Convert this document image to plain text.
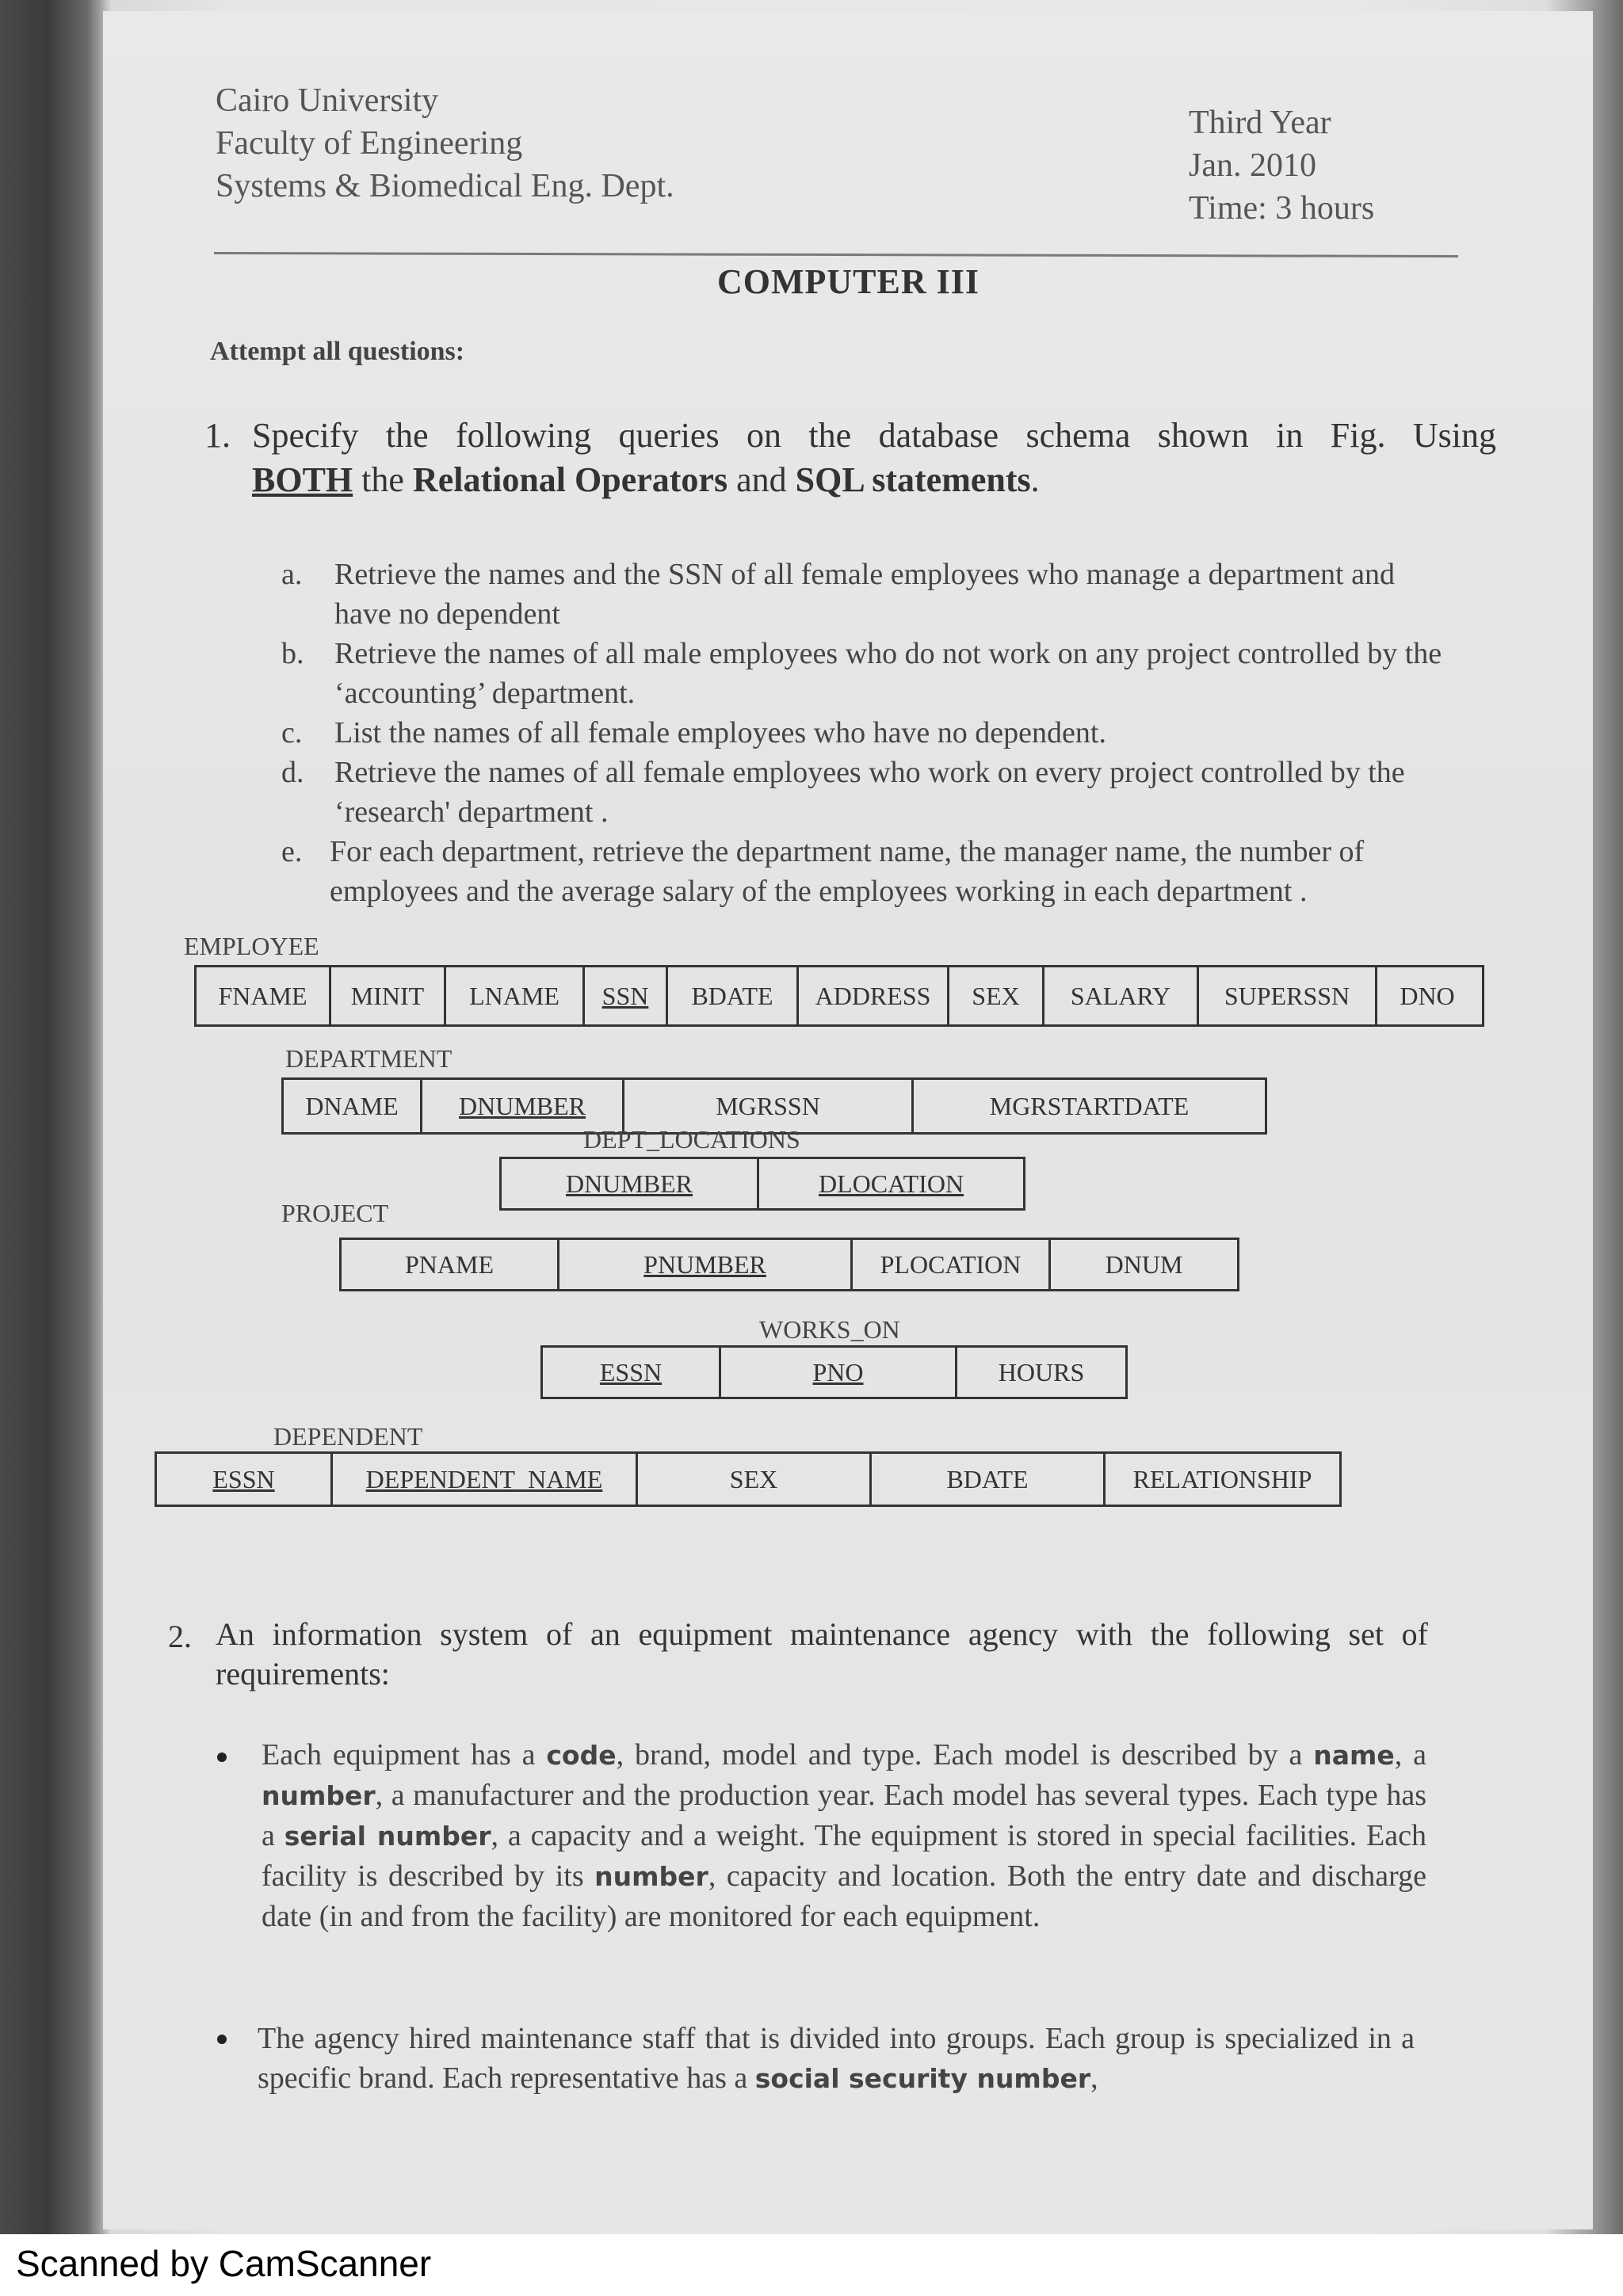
Cairo University
Faculty of Engineering
Systems & Biomedical Eng. Dept.
Third Year
Jan. 2010
Time: 3 hours
COMPUTER III
Attempt all questions:
1. Specify the following queries on the database schema shown in Fig. Using
BOTH the Relational Operators and SQL statements.
a. Retrieve the names and the SSN of all female employees who manage a department and have no dependent
b. Retrieve the names of all male employees who do not work on any project controlled by the ‘accounting’ department.
c. List the names of all female employees who have no dependent.
d. Retrieve the names of all female employees who work on every project controlled by the ‘research' department .
e. For each department, retrieve the department name, the manager name, the number of employees and the average salary of the employees working in each department .
EMPLOYEE
FNAME	MINIT	LNAME	SSN	BDATE	ADDRESS	SEX	SALARY	SUPERSSN	DNO
DEPARTMENT
DNAME	DNUMBER	MGRSSN	MGRSTARTDATE
DEPT_LOCATIONS
DNUMBER	DLOCATION
PROJECT
PNAME	PNUMBER	PLOCATION	DNUM
WORKS_ON
ESSN	PNO	HOURS
DEPENDENT
ESSN	DEPENDENT_NAME	SEX	BDATE	RELATIONSHIP
2. An information system of an equipment maintenance agency with the following set of requirements:
Each equipment has a code, brand, model and type. Each model is described by a name, a number, a manufacturer and the production year. Each model has several types. Each type has a serial number, a capacity and a weight. The equipment is stored in special facilities. Each facility is described by its number, capacity and location. Both the entry date and discharge date (in and from the facility) are monitored for each equipment.
The agency hired maintenance staff that is divided into groups. Each group is specialized in a specific brand. Each representative has a social security number,
Scanned by CamScanner
